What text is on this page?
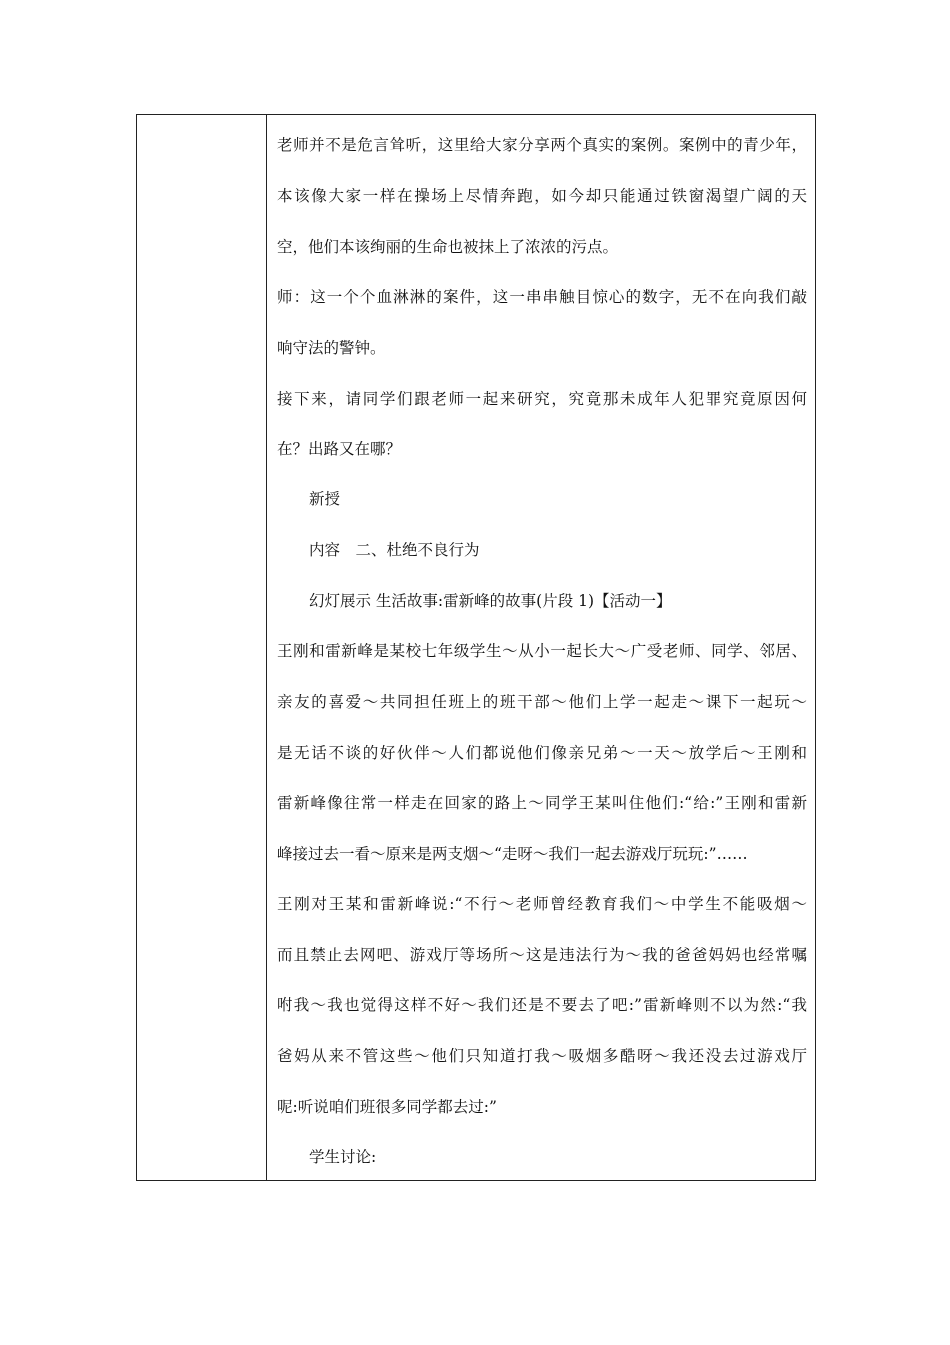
老师并不是危言耸听，这里给大家分享两个真实的案例。案例中的青少年，
本该像大家一样在操场上尽情奔跑，如今却只能通过铁窗渴望广阔的天
空，他们本该绚丽的生命也被抹上了浓浓的污点。
师：这一个个血淋淋的案件，这一串串触目惊心的数字，无不在向我们敲
响守法的警钟。
接下来，请同学们跟老师一起来研究，究竟那未成年人犯罪究竟原因何
在？出路又在哪？
新授
内容　二、杜绝不良行为
幻灯展示 生活故事:雷新峰的故事(片段 1)【活动一】
王刚和雷新峰是某校七年级学生～从小一起长大～广受老师、同学、邻居、
亲友的喜爱～共同担任班上的班干部～他们上学一起走～课下一起玩～
是无话不谈的好伙伴～人们都说他们像亲兄弟～一天～放学后～王刚和
雷新峰像往常一样走在回家的路上～同学王某叫住他们:“给:”王刚和雷新
峰接过去一看～原来是两支烟～“走呀～我们一起去游戏厅玩玩:”……
王刚对王某和雷新峰说:“不行～老师曾经教育我们～中学生不能吸烟～
而且禁止去网吧、游戏厅等场所～这是违法行为～我的爸爸妈妈也经常嘱
咐我～我也觉得这样不好～我们还是不要去了吧:”雷新峰则不以为然:“我
爸妈从来不管这些～他们只知道打我～吸烟多酷呀～我还没去过游戏厅
呢:听说咱们班很多同学都去过:”
学生讨论:
